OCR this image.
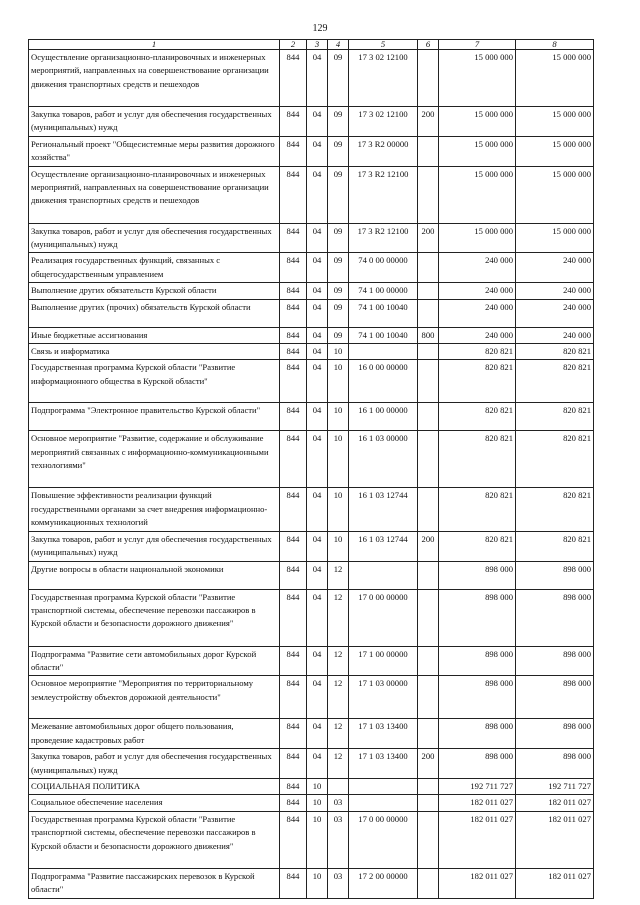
129
1	2	3	4	5	6	7	8
Осуществление организационно-планировочных и инженерных мероприятий, направленных на совершенствование организации движения транспортных средств и пешеходов	844	04	09	17 3 02 12100		15 000 000	15 000 000
Закупка товаров, работ и услуг для обеспечения государственных (муниципальных) нужд	844	04	09	17 3 02 12100	200	15 000 000	15 000 000
Региональный проект "Общесистемные меры развития дорожного хозяйства"	844	04	09	17 3 R2 00000		15 000 000	15 000 000
Осуществление организационно-планировочных и инженерных мероприятий, направленных на совершенствование организации движения транспортных средств и пешеходов	844	04	09	17 3 R2 12100		15 000 000	15 000 000
Закупка товаров, работ и услуг для обеспечения государственных (муниципальных) нужд	844	04	09	17 3 R2 12100	200	15 000 000	15 000 000
Реализация государственных функций, связанных с общегосударственным управлением	844	04	09	74 0 00 00000		240 000	240 000
Выполнение других обязательств Курской области	844	04	09	74 1 00 00000		240 000	240 000
Выполнение других (прочих) обязательств Курской области	844	04	09	74 1 00 10040		240 000	240 000
Иные бюджетные ассигнования	844	04	09	74 1 00 10040	800	240 000	240 000
Связь и информатика	844	04	10			820 821	820 821
Государственная программа Курской области "Развитие информационного общества в Курской области"	844	04	10	16 0 00 00000		820 821	820 821
Подпрограмма "Электронное правительство Курской области"	844	04	10	16 1 00 00000		820 821	820 821
Основное мероприятие "Развитие, содержание и обслуживание мероприятий связанных с информационно-коммуникационными технологиями"	844	04	10	16 1 03 00000		820 821	820 821
Повышение эффективности реализации функций государственными органами за счет внедрения информационно-коммуникационных технологий	844	04	10	16 1 03 12744		820 821	820 821
Закупка товаров, работ и услуг для обеспечения государственных (муниципальных) нужд	844	04	10	16 1 03 12744	200	820 821	820 821
Другие вопросы в области национальной экономики	844	04	12			898 000	898 000
Государственная программа Курской области "Развитие транспортной системы, обеспечение перевозки пассажиров в Курской области и безопасности дорожного движения"	844	04	12	17 0 00 00000		898 000	898 000
Подпрограмма "Развитие сети автомобильных дорог Курской области"	844	04	12	17 1 00 00000		898 000	898 000
Основное мероприятие "Мероприятия по территориальному землеустройству объектов дорожной деятельности"	844	04	12	17 1 03 00000		898 000	898 000
Межевание автомобильных дорог общего пользования, проведение кадастровых работ	844	04	12	17 1 03 13400		898 000	898 000
Закупка товаров, работ и услуг для обеспечения государственных (муниципальных) нужд	844	04	12	17 1 03 13400	200	898 000	898 000
СОЦИАЛЬНАЯ ПОЛИТИКА	844	10				192 711 727	192 711 727
Социальное обеспечение населения	844	10	03			182 011 027	182 011 027
Государственная программа Курской области "Развитие транспортной системы, обеспечение перевозки пассажиров в Курской области и безопасности дорожного движения"	844	10	03	17 0 00 00000		182 011 027	182 011 027
Подпрограмма "Развитие пассажирских перевозок в Курской области"	844	10	03	17 2 00 00000		182 011 027	182 011 027
